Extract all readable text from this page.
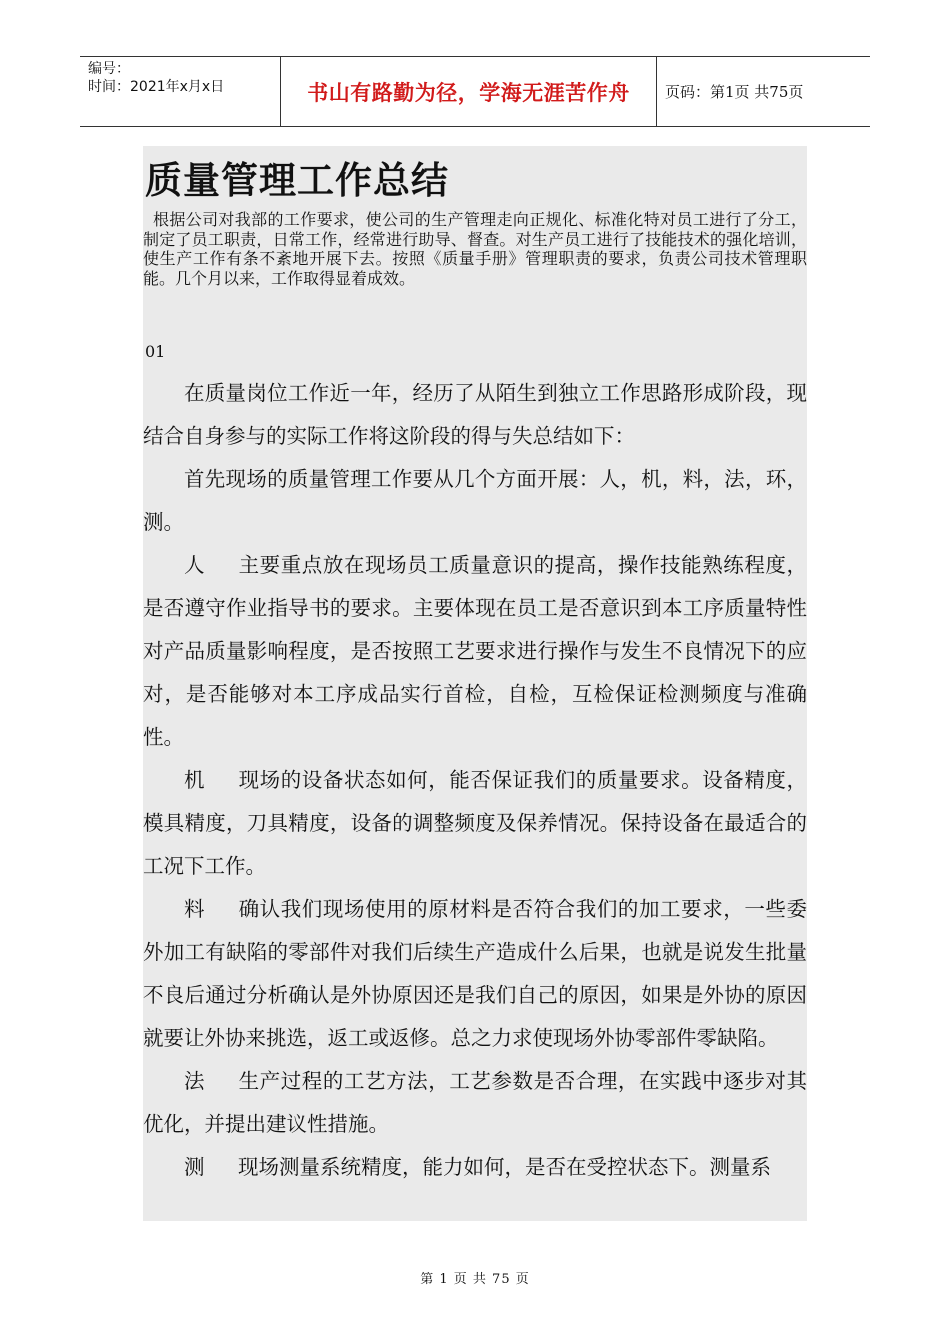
编号：
时间：2021年x月x日	书山有路勤为径，学海无涯苦作舟	页码：第1页 共75页
质量管理工作总结

根据公司对我部的工作要求，使公司的生产管理走向正规化、标准化特对员工进行了分工，制定了员工职责，日常工作，经常进行助导、督查。对生产员工进行了技能技术的强化培训，使生产工作有条不紊地开展下去。按照《质量手册》管理职责的要求，负责公司技术管理职能。几个月以来，工作取得显着成效。

01

在质量岗位工作近一年，经历了从陌生到独立工作思路形成阶段，现结合自身参与的实际工作将这阶段的得与失总结如下：

首先现场的质量管理工作要从几个方面开展：人，机，料，法，环，测。

人 主要重点放在现场员工质量意识的提高，操作技能熟练程度，是否遵守作业指导书的要求。主要体现在员工是否意识到本工序质量特性对产品质量影响程度，是否按照工艺要求进行操作与发生不良情况下的应对，是否能够对本工序成品实行首检，自检，互检保证检测频度与准确性。

机 现场的设备状态如何，能否保证我们的质量要求。设备精度，模具精度，刀具精度，设备的调整频度及保养情况。保持设备在最适合的工况下工作。

料 确认我们现场使用的原材料是否符合我们的加工要求，一些委外加工有缺陷的零部件对我们后续生产造成什么后果，也就是说发生批量不良后通过分析确认是外协原因还是我们自己的原因，如果是外协的原因就要让外协来挑选，返工或返修。总之力求使现场外协零部件零缺陷。

法 生产过程的工艺方法，工艺参数是否合理，在实践中逐步对其优化，并提出建议性措施。

测 现场测量系统精度，能力如何，是否在受控状态下。测量系

第 1 页 共 75 页
